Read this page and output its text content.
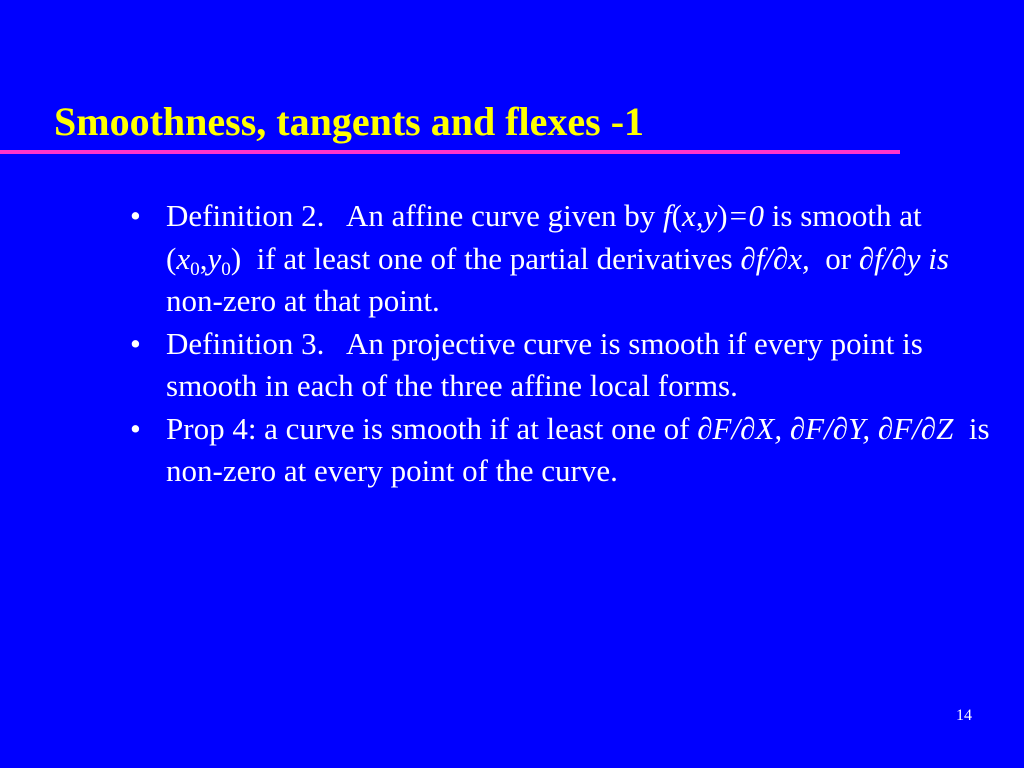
Smoothness, tangents and flexes -1
• Definition 2.   An affine curve given by f(x,y)=0 is smooth at $(x_0,y_0)$  if at least one of the partial derivatives ∂f/∂x,  or ∂f/∂y is non-zero at that point.
• Definition 3.   An projective curve is smooth if every point is smooth in each of the three affine local forms.
• Prop 4: a curve is smooth if at least one of ∂F/∂X, ∂F/∂Y, ∂F/∂Z  is non-zero at every point of the curve.
14
